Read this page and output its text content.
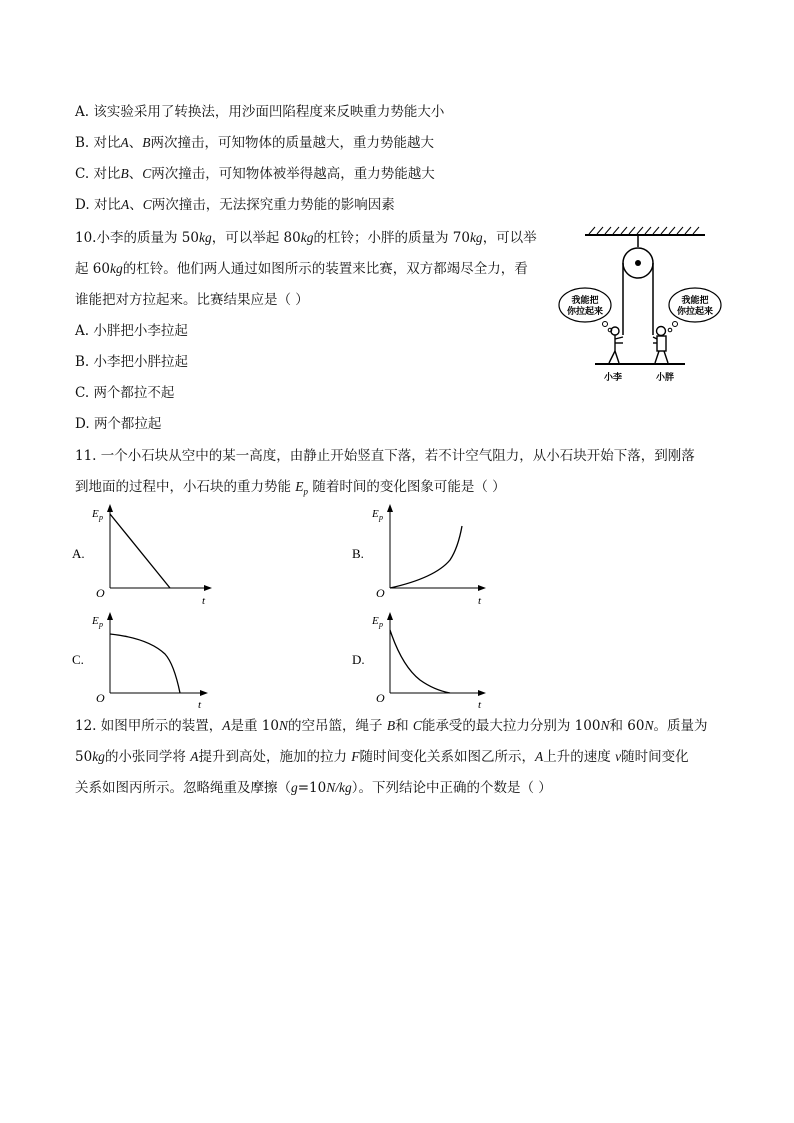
A. 该实验采用了转换法，用沙面凹陷程度来反映重力势能大小
B. 对比A、B两次撞击，可知物体的质量越大，重力势能越大
C. 对比B、C两次撞击，可知物体被举得越高，重力势能越大
D. 对比A、C两次撞击，无法探究重力势能的影响因素
10.小李的质量为 50kg，可以举起 80kg的杠铃；小胖的质量为 70kg，可以举
起 60kg的杠铃。他们两人通过如图所示的装置来比赛，双方都竭尽全力，看
谁能把对方拉起来。比赛结果应是（ ）
A. 小胖把小李拉起
B. 小李把小胖拉起
C. 两个都拉不起
D. 两个都拉起
我能把
你拉起来
我能把
你拉起来
小李	小胖
11. 一个小石块从空中的某一高度，由静止开始竖直下落，若不计空气阻力，从小石块开始下落，到刚落
到地面的过程中，小石块的重力势能 $E_p$ 随着时间的变化图象可能是（ ）
A.
E p
O
t
B.
E p
O
t
C.
E p
O	t
D.
E p
O	t
12. 如图甲所示的装置，A是重 10N的空吊篮，绳子 B和 C能承受的最大拉力分别为 100N和 60N。质量为
50kg的小张同学将 A提升到高处，施加的拉力 F随时间变化关系如图乙所示，A上升的速度 v随时间变化
关系如图丙所示。忽略绳重及摩擦（g=10N/kg）。下列结论中正确的个数是（ ）
